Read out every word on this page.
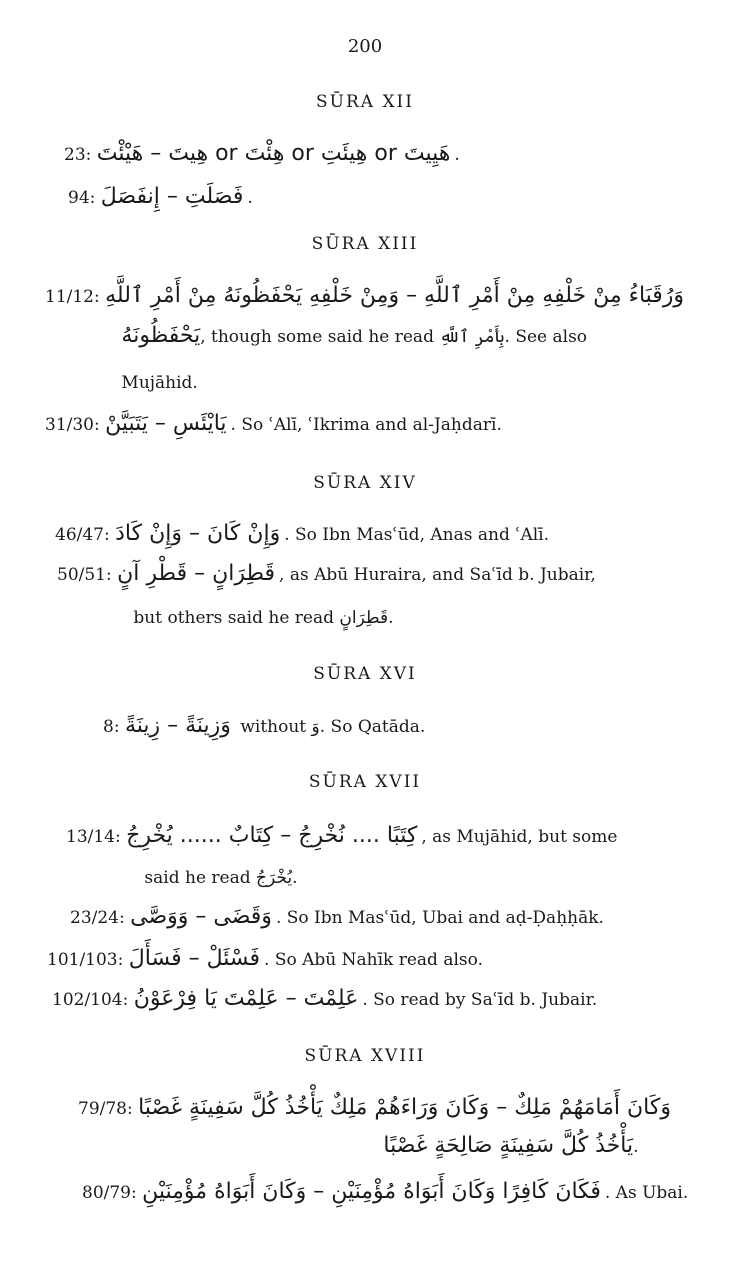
200
SŪRA XII
23: هِيتَ – هَيْئْتَ or هِئْتَ or هِيئَتِ or هَيِيتَ .
94: فَصَلَتِ – إِنفَصَلَ .
SŪRA XIII
11/12: وَرُقَبَاءُ مِنْ خَلْفِهِ مِنْ أَمْرِ ٱللَّهِ – وَمِنْ خَلْفِهِ يَحْفَظُونَهُ مِنْ أَمْرِ ٱللَّهِ
يَحْفَظُونَهُ, though some said he read بِأَمْرِ ٱللَّهِ. See also
Mujāhid.
31/30: يَايْئَسِ – يَتَبَيَّنْ . So ʿAlī, ʿIkrima and al-Jaḥdarī.
SŪRA XIV
46/47: وَإِنْ كَانَ – وَإِنْ كَادَ . So Ibn Masʿūd, Anas and ʿAlī.
50/51: قَطِرَانٍ – قَطْرِ آنٍ , as Abū Huraira, and Saʿīd b. Jubair,
but others said he read قَطِرَانٍ.
SŪRA XVI
8: وَزِينَةً – زِينَةً without وَ. So Qatāda.
SŪRA XVII
13/14: كِتَبًا .... نُخْرِجُ – كِتَابٌ ...... يُخْرِجُ , as Mujāhid, but some
said he read يُخْرَجُ.
23/24: وَقَضَى – وَوَصَّى . So Ibn Masʿūd, Ubai and aḍ-Ḍaḥḥāk.
101/103: فَسْئَلْ – فَسَأَلَ . So Abū Nahīk read also.
102/104: عَلِمْتَ – عَلِمْتَ يَا فِرْعَوْنُ . So read by Saʿīd b. Jubair.
SŪRA XVIII
79/78: وَكَانَ أَمَامَهُمْ مَلِكٌ – وَكَانَ وَرَاءَهُمْ مَلِكٌ يَأْخُذُ كُلَّ سَفِينَةٍ غَصْبًا
يَأْخُذُ كُلَّ سَفِينَةٍ صَالِحَةٍ غَصْبًا.
80/79: فَكَانَ كَافِرًا وَكَانَ أَبَوَاهُ مُؤْمِنَيْنِ – وَكَانَ أَبَوَاهُ مُؤْمِنَيْنِ . As Ubai.
